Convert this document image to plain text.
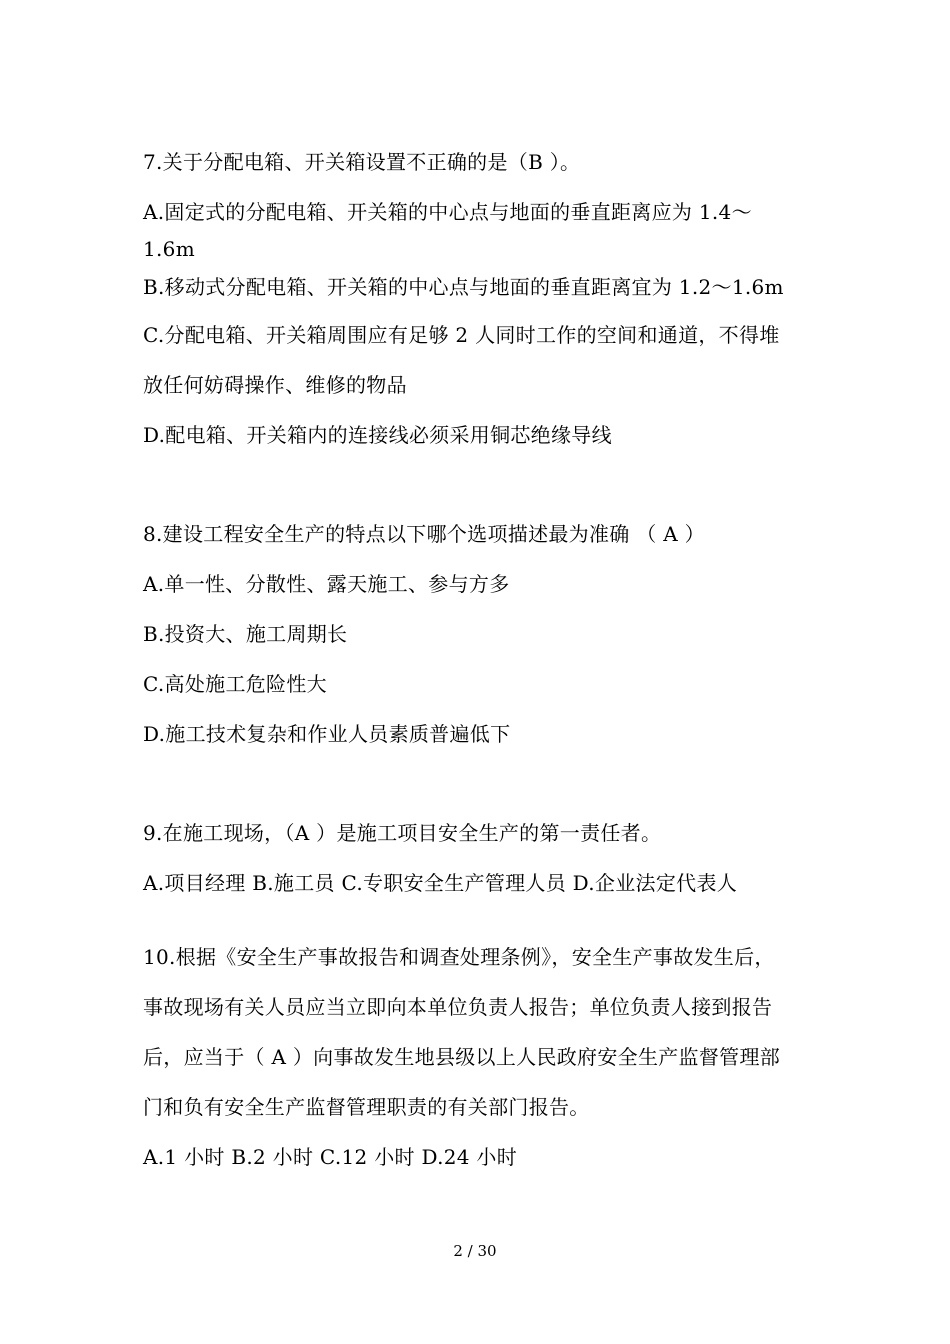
7.关于分配电箱、开关箱设置不正确的是（B ）。
A.固定式的分配电箱、开关箱的中心点与地面的垂直距离应为 1.4～
1.6m
B.移动式分配电箱、开关箱的中心点与地面的垂直距离宜为 1.2～1.6m
C.分配电箱、开关箱周围应有足够 2 人同时工作的空间和通道，不得堆
放任何妨碍操作、维修的物品
D.配电箱、开关箱内的连接线必须采用铜芯绝缘导线
8.建设工程安全生产的特点以下哪个选项描述最为准确 （ A ）
A.单一性、分散性、露天施工、参与方多
B.投资大、施工周期长
C.高处施工危险性大
D.施工技术复杂和作业人员素质普遍低下
9.在施工现场，（A ）是施工项目安全生产的第一责任者。
A.项目经理 B.施工员 C.专职安全生产管理人员 D.企业法定代表人
10.根据《安全生产事故报告和调查处理条例》，安全生产事故发生后，
事故现场有关人员应当立即向本单位负责人报告；单位负责人接到报告
后，应当于（ A ）向事故发生地县级以上人民政府安全生产监督管理部
门和负有安全生产监督管理职责的有关部门报告。
A.1 小时 B.2 小时 C.12 小时 D.24 小时
2 / 30
